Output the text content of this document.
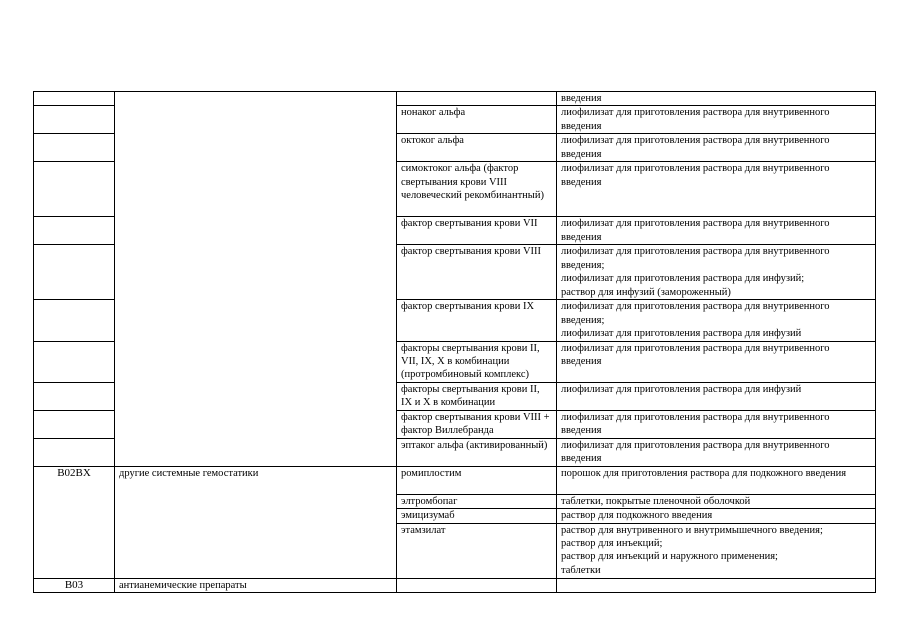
			введения
		нонаког альфа	лиофилизат для приготовления раствора для внутривенного введения
		октоког альфа	лиофилизат для приготовления раствора для внутривенного введения
		симоктоког альфа (фактор свертывания крови VIII человеческий рекомбинантный)	лиофилизат для приготовления раствора для внутривенного введения
		фактор свертывания крови VII	лиофилизат для приготовления раствора для внутривенного введения
		фактор свертывания крови VIII	лиофилизат для приготовления раствора для внутривенного введения;
лиофилизат для приготовления раствора для инфузий;
раствор для инфузий (замороженный)
		фактор свертывания крови IX	лиофилизат для приготовления раствора для внутривенного введения;
лиофилизат для приготовления раствора для инфузий
		факторы свертывания крови II, VII, IX, X в комбинации (протромбиновый комплекс)	лиофилизат для приготовления раствора для внутривенного введения
		факторы свертывания крови II, IX и X в комбинации	лиофилизат для приготовления раствора для инфузий
		фактор свертывания крови VIII + фактор Виллебранда	лиофилизат для приготовления раствора для внутривенного введения
		эптаког альфа (активированный)	лиофилизат для приготовления раствора для внутривенного введения
B02BX	другие системные гемостатики	ромиплостим	порошок для приготовления раствора для подкожного введения
		элтромбопаг	таблетки, покрытые пленочной оболочкой
		эмицизумаб	раствор для подкожного введения
		этамзилат	раствор для внутривенного и внутримышечного введения;
раствор для инъекций;
раствор для инъекций и наружного применения;
таблетки
B03	антианемические препараты		
